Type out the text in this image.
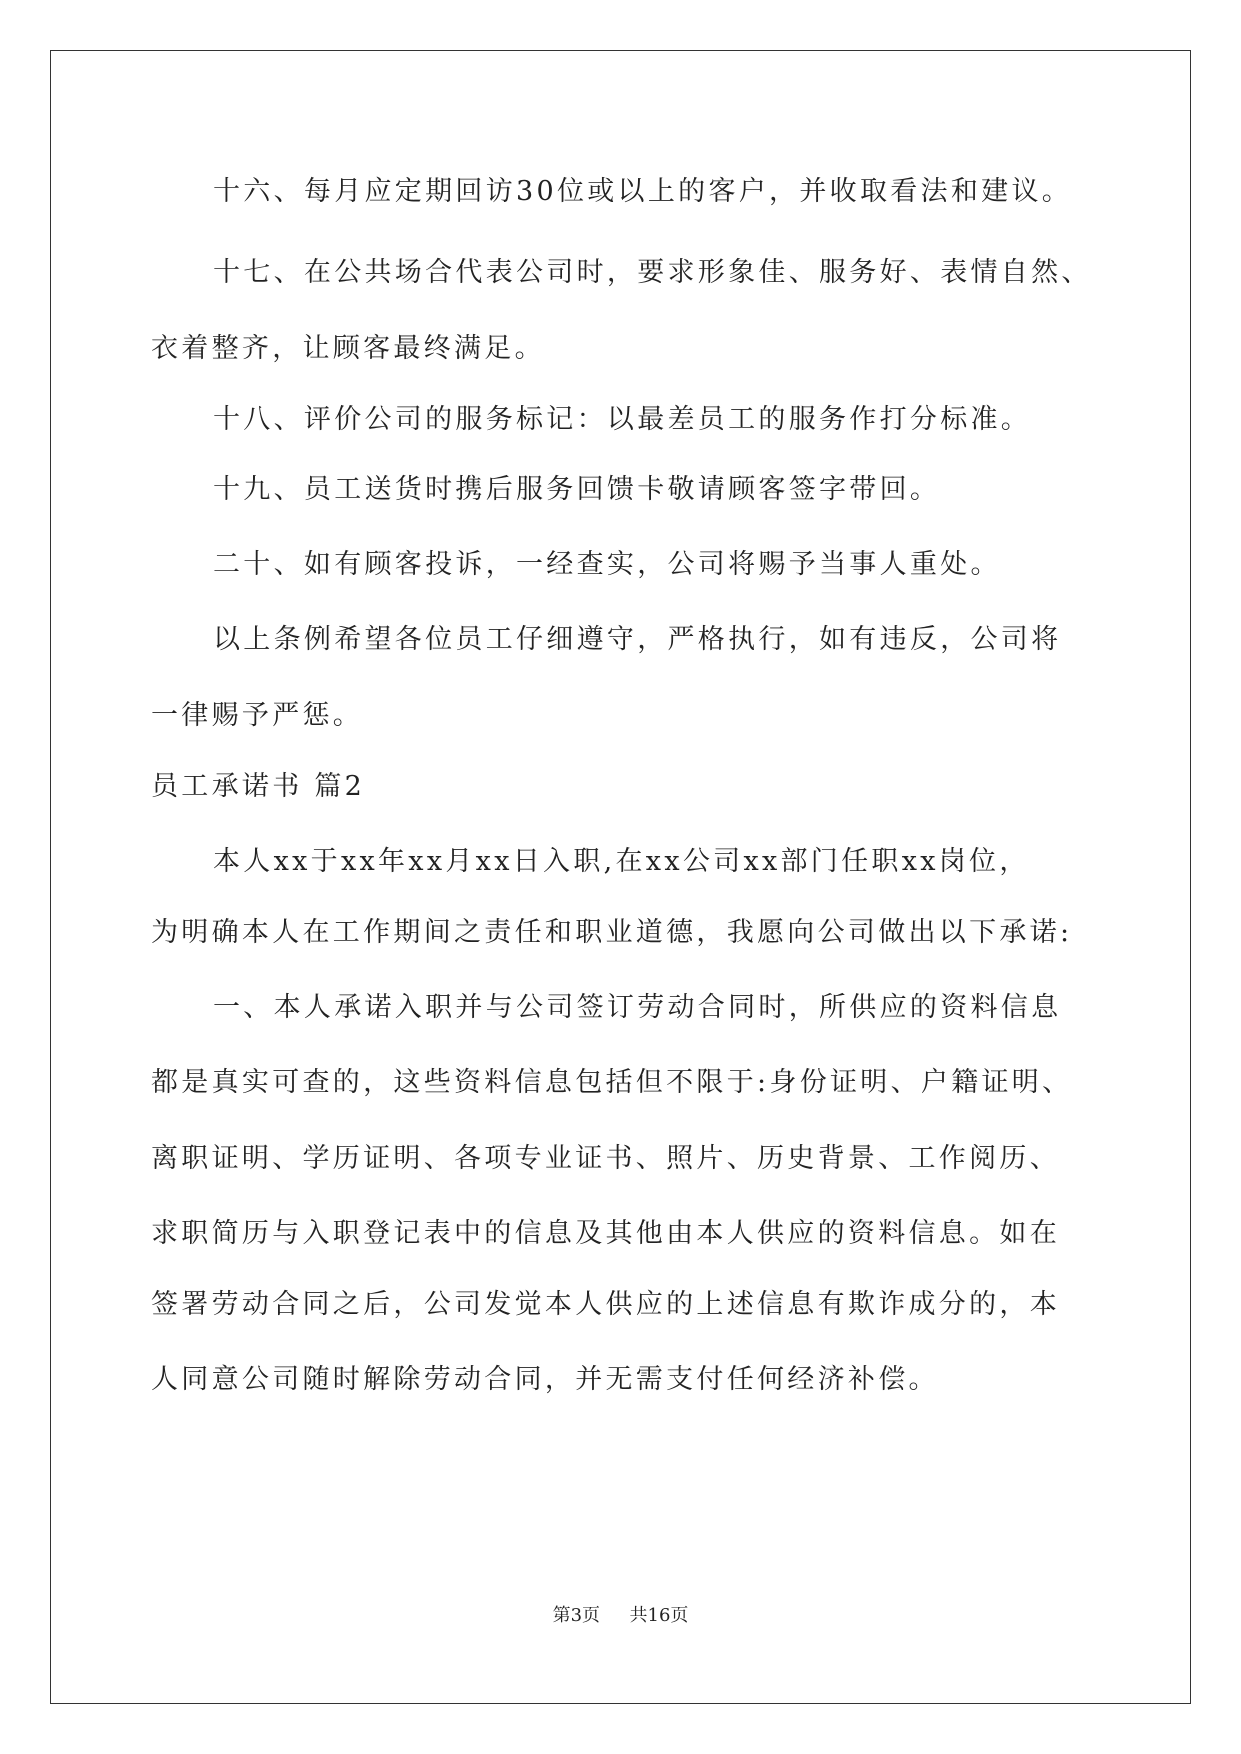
十六、每月应定期回访30位或以上的客户，并收取看法和建议。
十七、在公共场合代表公司时，要求形象佳、服务好、表情自然、
衣着整齐，让顾客最终满足。
十八、评价公司的服务标记：以最差员工的服务作打分标准。
十九、员工送货时携后服务回馈卡敬请顾客签字带回。
二十、如有顾客投诉，一经查实，公司将赐予当事人重处。
以上条例希望各位员工仔细遵守，严格执行，如有违反，公司将
一律赐予严惩。
员工承诺书 篇2
本人xx于xx年xx月xx日入职,在xx公司xx部门任职xx岗位，
为明确本人在工作期间之责任和职业道德，我愿向公司做出以下承诺:
一、本人承诺入职并与公司签订劳动合同时，所供应的资料信息
都是真实可查的，这些资料信息包括但不限于:身份证明、户籍证明、
离职证明、学历证明、各项专业证书、照片、历史背景、工作阅历、
求职简历与入职登记表中的信息及其他由本人供应的资料信息。如在
签署劳动合同之后，公司发觉本人供应的上述信息有欺诈成分的，本
人同意公司随时解除劳动合同，并无需支付任何经济补偿。
第3页 共16页
